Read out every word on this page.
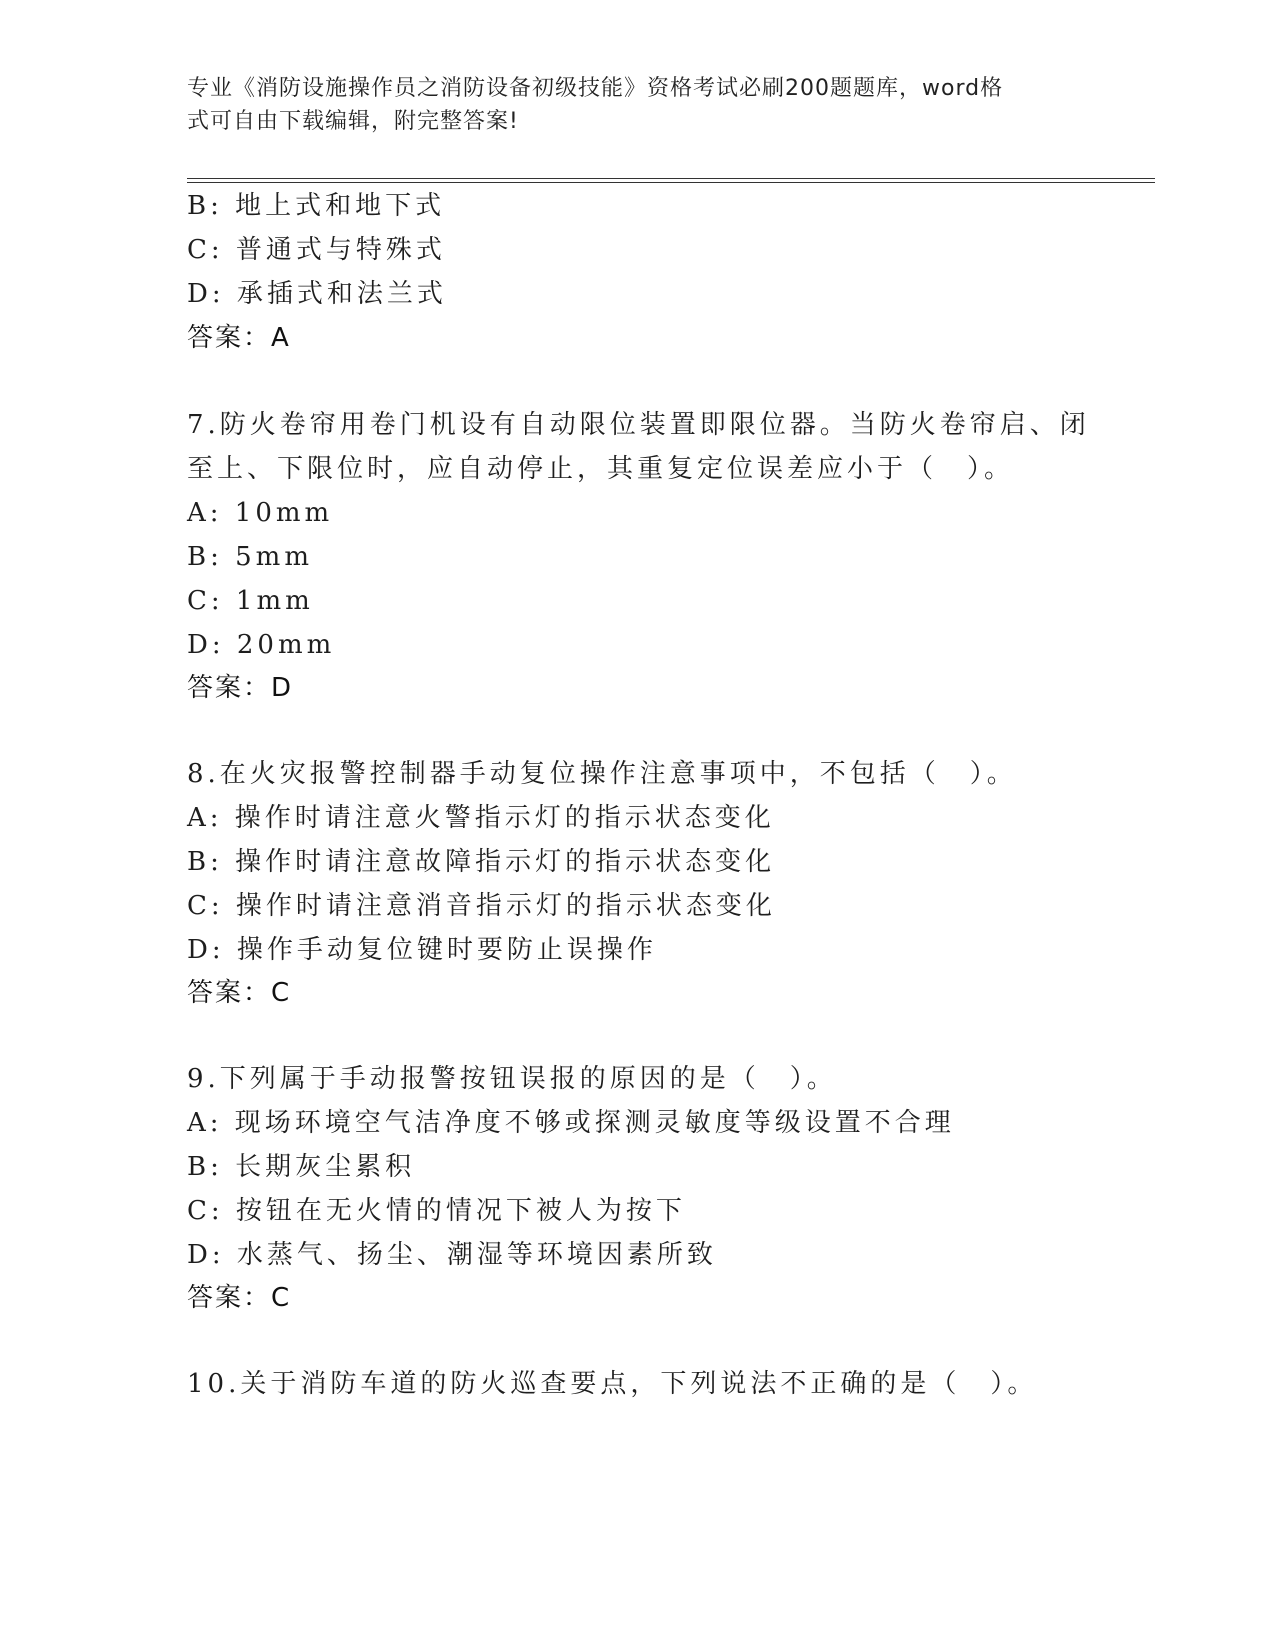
专业《消防设施操作员之消防设备初级技能》资格考试必刷200题题库，word格
式可自由下载编辑，附完整答案!
B: 地上式和地下式
C: 普通式与特殊式
D: 承插式和法兰式
答案：A
7.防火卷帘用卷门机设有自动限位装置即限位器。当防火卷帘启、闭
至上、下限位时，应自动停止，其重复定位误差应小于（　）。
A: 10mm
B: 5mm
C: 1mm
D: 20mm
答案：D
8.在火灾报警控制器手动复位操作注意事项中，不包括（　）。
A: 操作时请注意火警指示灯的指示状态变化
B: 操作时请注意故障指示灯的指示状态变化
C: 操作时请注意消音指示灯的指示状态变化
D: 操作手动复位键时要防止误操作
答案：C
9.下列属于手动报警按钮误报的原因的是（　）。
A: 现场环境空气洁净度不够或探测灵敏度等级设置不合理
B: 长期灰尘累积
C: 按钮在无火情的情况下被人为按下
D: 水蒸气、扬尘、潮湿等环境因素所致
答案：C
10.关于消防车道的防火巡查要点，下列说法不正确的是（　）。
